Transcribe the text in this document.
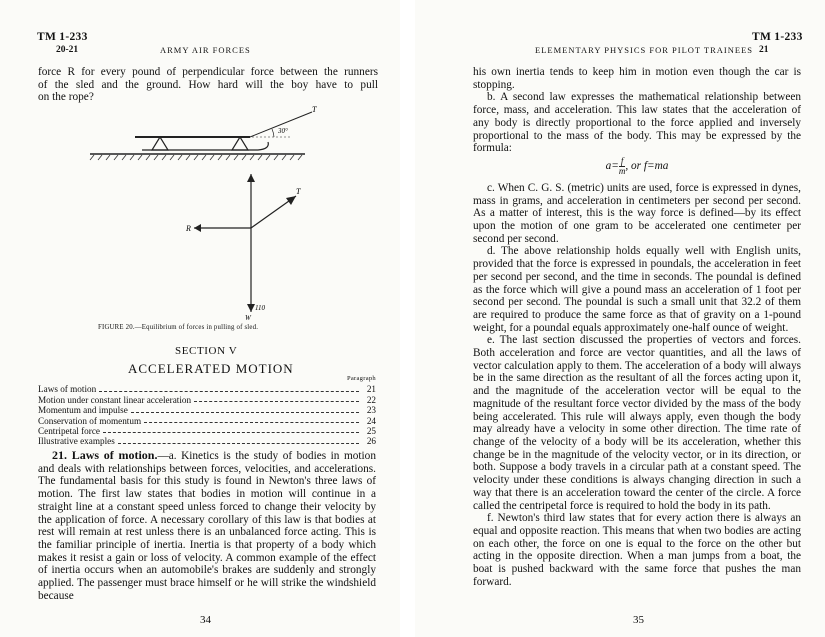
TM 1-233
20-21	ARMY AIR FORCES
force R for every pound of perpendicular force between the runners
of the sled and the ground. How hard will the boy have to pull
on the rope?
T
30°
T
R
110
W
FIGURE 20.—Equilibrium of forces in pulling of sled.
SECTION V
ACCELERATED MOTION
Paragraph
Laws of motion	21
Motion under constant linear acceleration	22
Momentum and impulse	23
Conservation of momentum	24
Centripetal force	25
Illustrative examples	26

21. Laws of motion.—a. Kinetics is the study of bodies in motion and deals with relationships between forces, velocities, and accelerations. The fundamental basis for this study is found in Newton's three laws of motion. The first law states that bodies in motion will continue in a straight line at a constant speed unless forced to change their velocity by the application of force. A necessary corollary of this law is that bodies at rest will remain at rest unless there is an unbalanced force acting. This is the familiar principle of inertia. Inertia is that property of a body which makes it resist a gain or loss of velocity. A common example of the effect of inertia occurs when an automobile's brakes are suddenly and strongly applied. The passenger must brace himself or he will strike the windshield because

34
TM 1-233
ELEMENTARY PHYSICS FOR PILOT TRAINEES 21

his own inertia tends to keep him in motion even though the car is stopping.

b. A second law expresses the mathematical relationship between force, mass, and acceleration. This law states that the acceleration of any body is directly proportional to the force applied and inversely proportional to the mass of the body. This may be expressed by the formula:

$a= \frac{f}{m}$ , or f=ma

c. When C. G. S. (metric) units are used, force is expressed in dynes, mass in grams, and acceleration in centimeters per second per second. As a matter of interest, this is the way force is defined—by its effect upon the motion of one gram to be accelerated one centimeter per second per second.

d. The above relationship holds equally well with English units, provided that the force is expressed in poundals, the acceleration in feet per second per second, and the time in seconds. The poundal is defined as the force which will give a pound mass an acceleration of 1 foot per second per second. The poundal is such a small unit that 32.2 of them are required to produce the same force as that of gravity on a 1-pound weight, for a poundal equals approximately one-half ounce of weight.

e. The last section discussed the properties of vectors and forces. Both acceleration and force are vector quantities, and all the laws of vector calculation apply to them. The acceleration of a body will always be in the same direction as the resultant of all the forces acting upon it, and the magnitude of the acceleration vector will be equal to the magnitude of the resultant force vector divided by the mass of the body being accelerated. This rule will always apply, even though the body may already have a velocity in some other direction. The time rate of change of the velocity of a body will be its acceleration, whether this change be in the magnitude of the velocity vector, or in its direction, or both. Suppose a body travels in a circular path at a constant speed. The velocity under these conditions is always changing direction in such a way that there is an acceleration toward the center of the circle. A force called the centripetal force is required to hold the body in its path.

f. Newton's third law states that for every action there is always an equal and opposite reaction. This means that when two bodies are acting on each other, the force on one is equal to the force on the other but acting in the opposite direction. When a man jumps from a boat, the boat is pushed backward with the same force that pushes the man forward.

35
